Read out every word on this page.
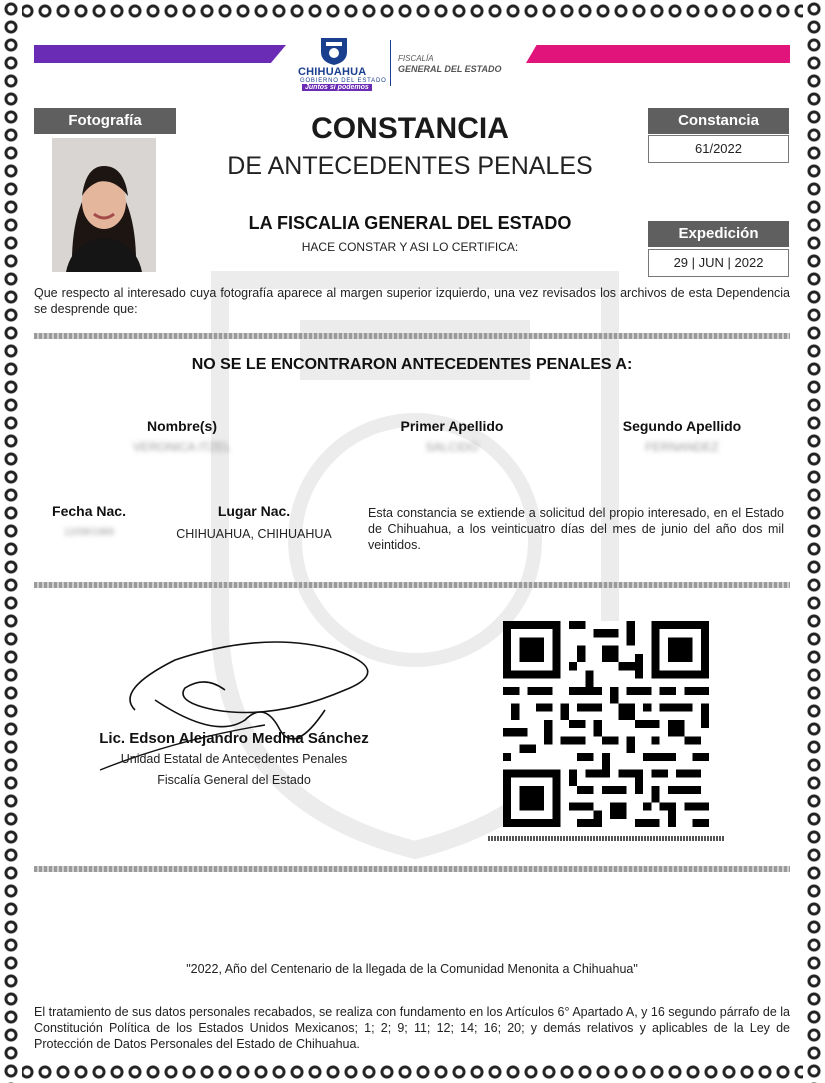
CHIHUAHUA
GOBIERNO DEL ESTADO
Juntos sí podemos
FISCALÍA
GENERAL DEL ESTADO
Fotografía	CONSTANCIA
DE ANTECEDENTES PENALES
LA FISCALIA GENERAL DEL ESTADO
HACE CONSTAR Y ASI LO CERTIFICA:
Constancia
61/2022
Expedición
29 | JUN | 2022
Que respecto al interesado cuya fotografía aparece al margen superior izquierdo, una vez revisados los archivos de esta Dependencia se desprende que:
NO SE LE ENCONTRARON ANTECEDENTES PENALES A:
Nombre(s)
VERONICA ITZEL
Primer Apellido
SALCIDO
Segundo Apellido
FERNANDEZ
Fecha Nac.
12/08/1989
Lugar Nac.
CHIHUAHUA, CHIHUAHUA
Esta constancia se extiende a solicitud del propio interesado, en el Estado de Chihuahua, a los veinticuatro días del mes de junio del año dos mil veintidos.
Lic. Edson Alejandro Medina Sánchez
Unidad Estatal de Antecedentes Penales
Fiscalía General del Estado
"2022, Año del Centenario de la llegada de la Comunidad Menonita a Chihuahua"
El tratamiento de sus datos personales recabados, se realiza con fundamento en los Artículos 6° Apartado A, y 16 segundo párrafo de la Constitución Política de los Estados Unidos Mexicanos; 1; 2; 9; 11; 12; 14; 16; 20; y demás relativos y aplicables de la Ley de Protección de Datos Personales del Estado de Chihuahua.
